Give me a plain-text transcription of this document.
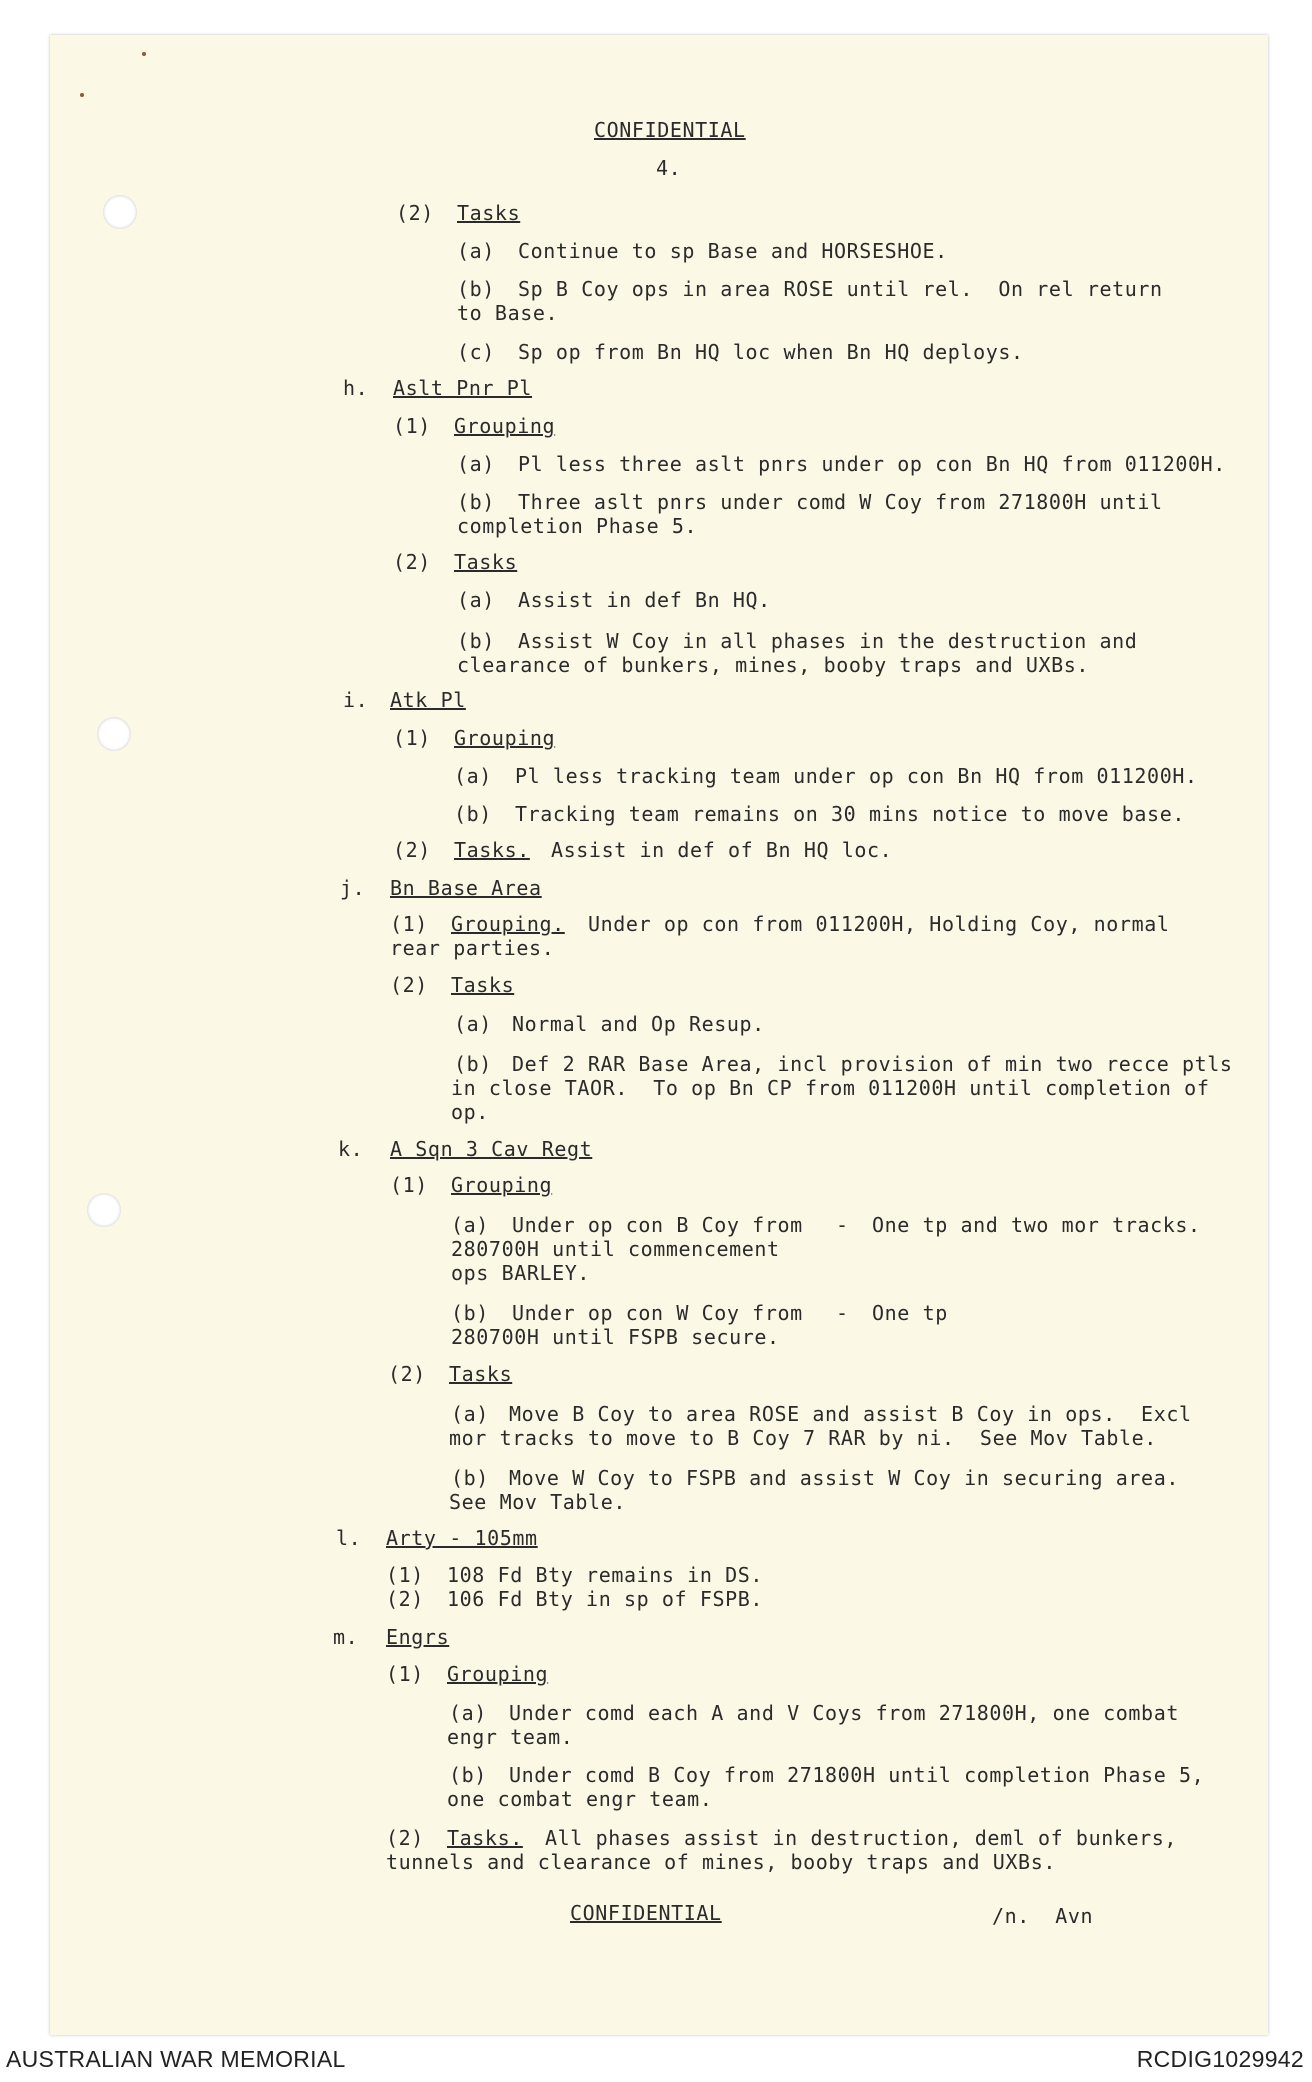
CONFIDENTIAL
4.
(2) Tasks
(a) Continue to sp Base and HORSESHOE.
(b) Sp B Coy ops in area ROSE until rel.  On rel return
to Base.
(c) Sp op from Bn HQ loc when Bn HQ deploys.
h. Aslt Pnr Pl
(1) Grouping
(a) Pl less three aslt pnrs under op con Bn HQ from 011200H.
(b) Three aslt pnrs under comd W Coy from 271800H until
completion Phase 5.
(2) Tasks
(a) Assist in def Bn HQ.
(b) Assist W Coy in all phases in the destruction and
clearance of bunkers, mines, booby traps and UXBs.
i. Atk Pl
(1) Grouping
(a) Pl less tracking team under op con Bn HQ from 011200H.
(b) Tracking team remains on 30 mins notice to move base.
(2) Tasks. Assist in def of Bn HQ loc.
j. Bn Base Area
(1) Grouping. Under op con from 011200H, Holding Coy, normal
rear parties.
(2) Tasks
(a) Normal and Op Resup.
(b) Def 2 RAR Base Area, incl provision of min two recce ptls
in close TAOR.  To op Bn CP from 011200H until completion of
op.
k. A Sqn 3 Cav Regt
(1) Grouping
(a) Under op con B Coy from
280700H until commencement
ops BARLEY.
- One tp and two mor tracks.
(b) Under op con W Coy from
280700H until FSPB secure.
- One tp
(2) Tasks
(a) Move B Coy to area ROSE and assist B Coy in ops.  Excl
mor tracks to move to B Coy 7 RAR by ni.  See Mov Table.
(b) Move W Coy to FSPB and assist W Coy in securing area.
See Mov Table.
l. Arty - 105mm
(1) 108 Fd Bty remains in DS.
(2) 106 Fd Bty in sp of FSPB.
m. Engrs
(1) Grouping
(a) Under comd each A and V Coys from 271800H, one combat
engr team.
(b) Under comd B Coy from 271800H until completion Phase 5,
one combat engr team.
(2) Tasks. All phases assist in destruction, deml of bunkers,
tunnels and clearance of mines, booby traps and UXBs.
CONFIDENTIAL	/n.  Avn
AUSTRALIAN WAR MEMORIAL	RCDIG1029942
